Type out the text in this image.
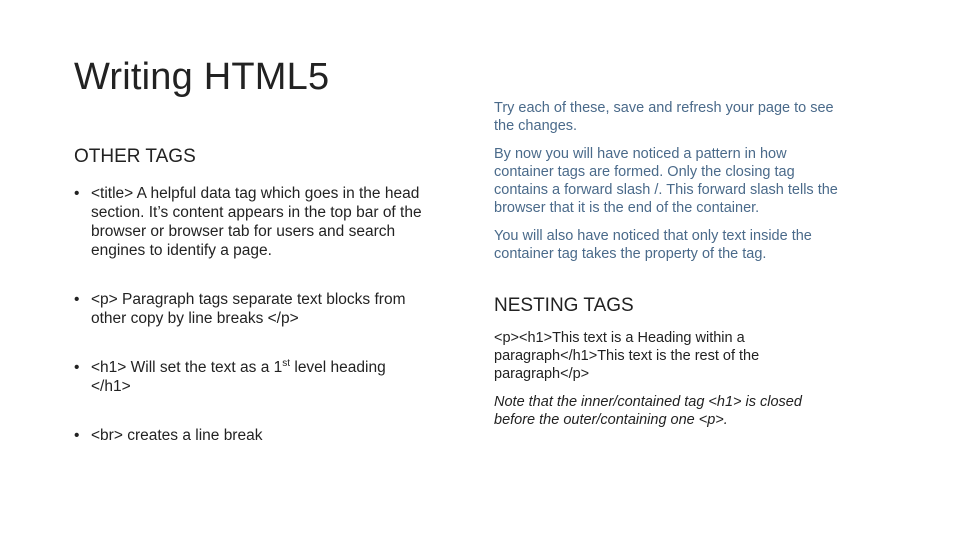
Writing HTML5
OTHER TAGS
• <title> A helpful data tag which goes in the head section. It’s content appears in the top bar of the browser or browser tab for users and search engines to identify a page.
• <p> Paragraph tags separate text blocks from other copy by line breaks </p>
• <h1> Will set the text as a 1st level heading </h1>
• <br> creates a line break

Try each of these, save and refresh your page to see the changes.

By now you will have noticed a pattern in how container tags are formed. Only the closing tag contains a forward slash /. This forward slash tells the browser that it is the end of the container.

You will also have noticed that only text inside the container tag takes the property of the tag.

NESTING TAGS

<p><h1>This text is a Heading within a paragraph</h1>This text is the rest of the paragraph</p>

Note that the inner/contained tag <h1> is closed before the outer/containing one <p>.
